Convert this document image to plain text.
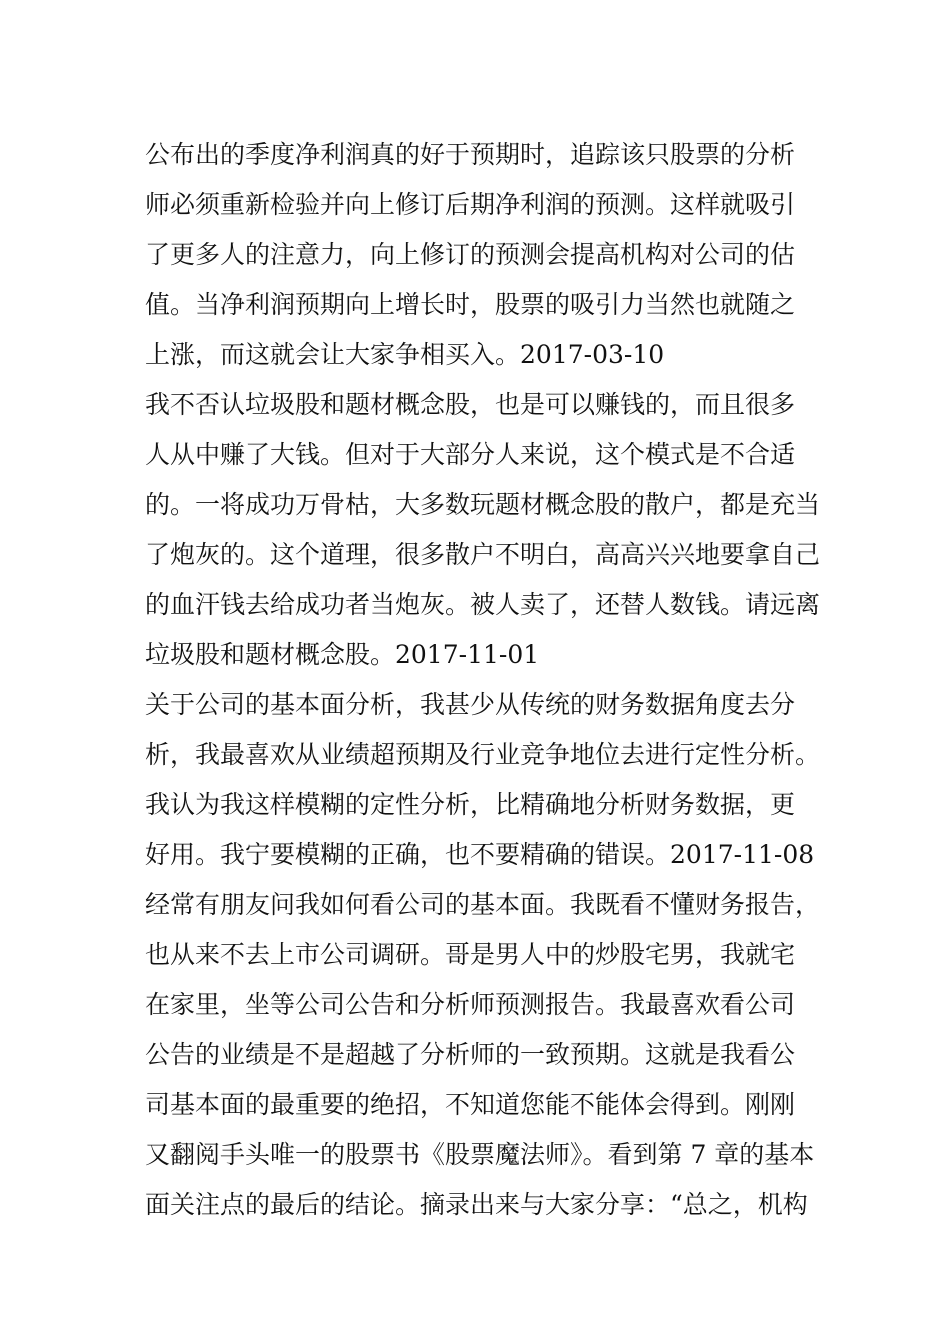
公布出的季度净利润真的好于预期时，追踪该只股票的分析
师必须重新检验并向上修订后期净利润的预测。这样就吸引
了更多人的注意力，向上修订的预测会提高机构对公司的估
值。当净利润预期向上增长时，股票的吸引力当然也就随之
上涨，而这就会让大家争相买入。2017-03-10
我不否认垃圾股和题材概念股，也是可以赚钱的，而且很多
人从中赚了大钱。但对于大部分人来说，这个模式是不合适
的。一将成功万骨枯，大多数玩题材概念股的散户，都是充当
了炮灰的。这个道理，很多散户不明白，高高兴兴地要拿自己
的血汗钱去给成功者当炮灰。被人卖了，还替人数钱。请远离
垃圾股和题材概念股。2017-11-01
关于公司的基本面分析，我甚少从传统的财务数据角度去分
析，我最喜欢从业绩超预期及行业竞争地位去进行定性分析。
我认为我这样模糊的定性分析，比精确地分析财务数据，更
好用。我宁要模糊的正确，也不要精确的错误。2017-11-08
经常有朋友问我如何看公司的基本面。我既看不懂财务报告，
也从来不去上市公司调研。哥是男人中的炒股宅男，我就宅
在家里，坐等公司公告和分析师预测报告。我最喜欢看公司
公告的业绩是不是超越了分析师的一致预期。这就是我看公
司基本面的最重要的绝招，不知道您能不能体会得到。刚刚
又翻阅手头唯一的股票书《股票魔法师》。看到第 7 章的基本
面关注点的最后的结论。摘录出来与大家分享：“总之，机构
